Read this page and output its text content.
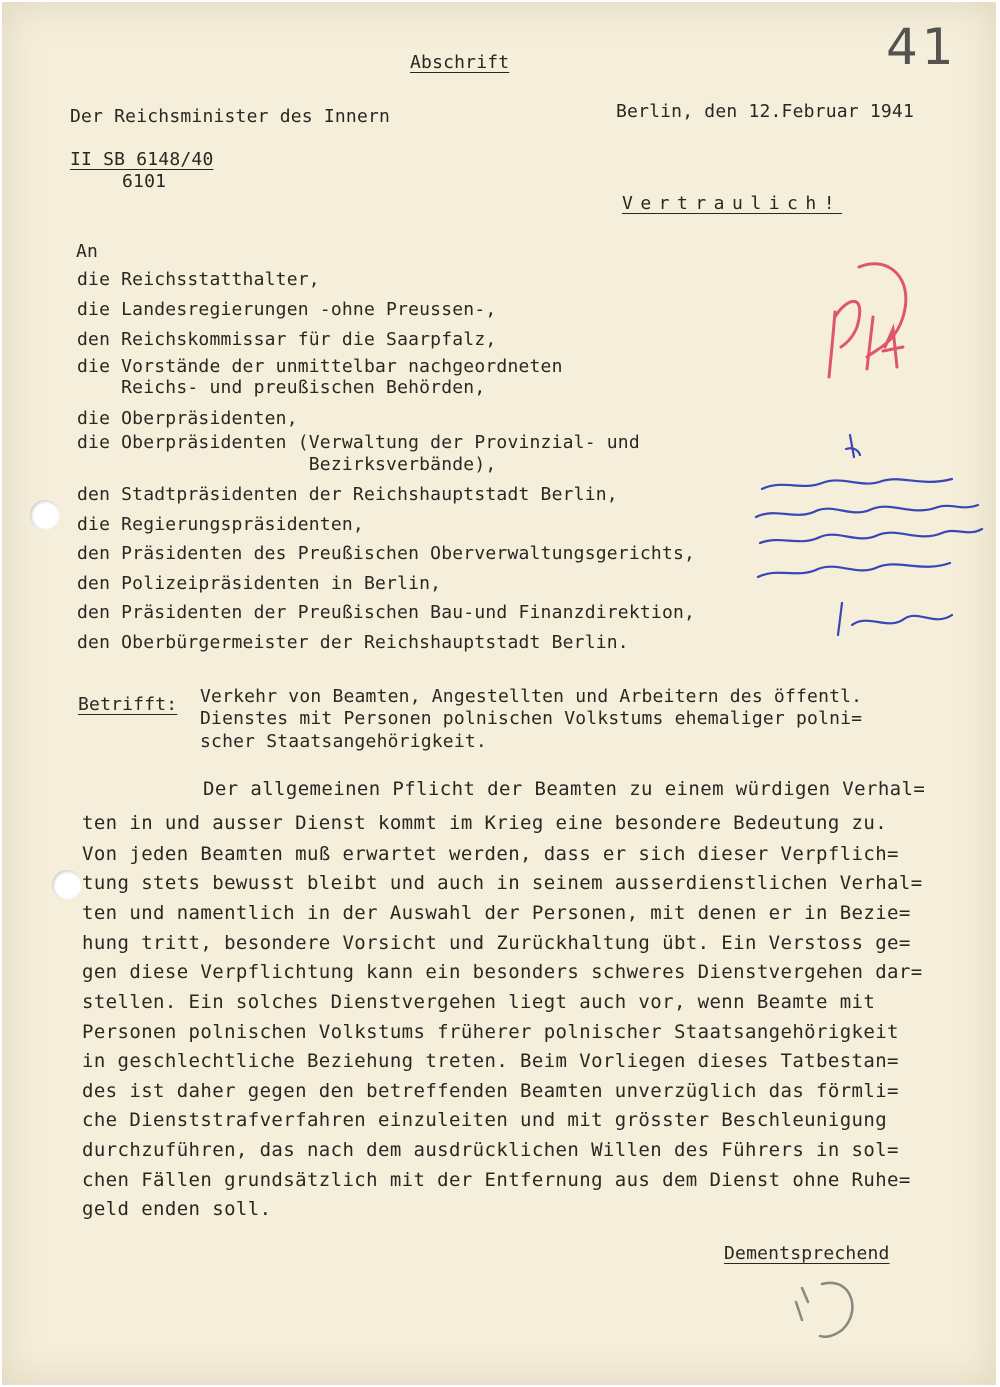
Abschrift	41
Der Reichsminister des Innern	Berlin, den 12.Februar 1941
II SB 6148/40
6101
Vertraulich!
An
die Reichsstatthalter,
die Landesregierungen -ohne Preussen-,
den Reichskommissar für die Saarpfalz,
die Vorstände der unmittelbar nachgeordneten
Reichs- und preußischen Behörden,
die Oberpräsidenten,
die Oberpräsidenten (Verwaltung der Provinzial- und
Bezirksverbände),
den Stadtpräsidenten der Reichshauptstadt Berlin,
die Regierungspräsidenten,
den Präsidenten des Preußischen Oberverwaltungsgerichts,
den Polizeipräsidenten in Berlin,
den Präsidenten der Preußischen Bau-und Finanzdirektion,
den Oberbürgermeister der Reichshauptstadt Berlin.
Betrifft: Verkehr von Beamten, Angestellten und Arbeitern des öffentl.
Dienstes mit Personen polnischen Volkstums ehemaliger polni=
scher Staatsangehörigkeit.
Der allgemeinen Pflicht der Beamten zu einem würdigen Verhal=
ten in und ausser Dienst kommt im Krieg eine besondere Bedeutung zu.
Von jeden Beamten muß erwartet werden, dass er sich dieser Verpflich=
tung stets bewusst bleibt und auch in seinem ausserdienstlichen Verhal=
ten und namentlich in der Auswahl der Personen, mit denen er in Bezie=
hung tritt, besondere Vorsicht und Zurückhaltung übt. Ein Verstoss ge=
gen diese Verpflichtung kann ein besonders schweres Dienstvergehen dar=
stellen. Ein solches Dienstvergehen liegt auch vor, wenn Beamte mit
Personen polnischen Volkstums früherer polnischer Staatsangehörigkeit
in geschlechtliche Beziehung treten. Beim Vorliegen dieses Tatbestan=
des ist daher gegen den betreffenden Beamten unverzüglich das förmli=
che Dienststrafverfahren einzuleiten und mit grösster Beschleunigung
durchzuführen, das nach dem ausdrücklichen Willen des Führers in sol=
chen Fällen grundsätzlich mit der Entfernung aus dem Dienst ohne Ruhe=
geld enden soll.
Dementsprechend
